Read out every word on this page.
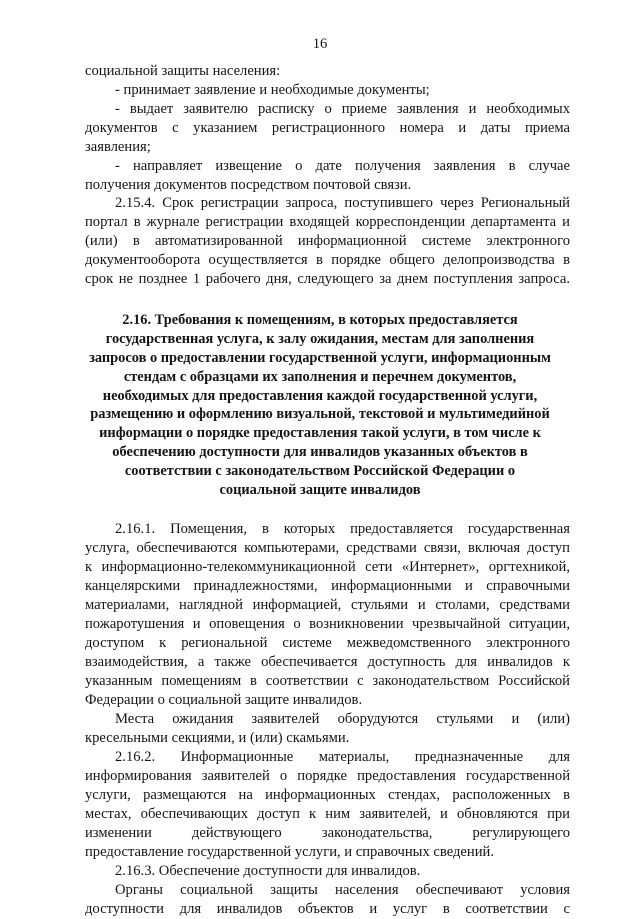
16
социальной защиты населения:
- принимает заявление и необходимые документы;
- выдает заявителю расписку о приеме заявления и необходимых
документов с указанием регистрационного номера и даты приема
заявления;
- направляет извещение о дате получения заявления в случае
получения документов посредством почтовой связи.
2.15.4. Срок регистрации запроса, поступившего через Региональный
портал в журнале регистрации входящей корреспонденции департамента и
(или) в автоматизированной информационной системе электронного
документооборота осуществляется в порядке общего делопроизводства в
срок не позднее 1 рабочего дня, следующего за днем поступления запроса.
2.16. Требования к помещениям, в которых предоставляется
государственная услуга, к залу ожидания, местам для заполнения
запросов о предоставлении государственной услуги, информационным
стендам с образцами их заполнения и перечнем документов,
необходимых для предоставления каждой государственной услуги,
размещению и оформлению визуальной, текстовой и мультимедийной
информации о порядке предоставления такой услуги, в том числе к
обеспечению доступности для инвалидов указанных объектов в
соответствии с законодательством Российской Федерации о
социальной защите инвалидов
2.16.1. Помещения, в которых предоставляется государственная
услуга, обеспечиваются компьютерами, средствами связи, включая доступ
к информационно-телекоммуникационной сети «Интернет», оргтехникой,
канцелярскими принадлежностями, информационными и справочными
материалами, наглядной информацией, стульями и столами, средствами
пожаротушения и оповещения о возникновении чрезвычайной ситуации,
доступом к региональной системе межведомственного электронного
взаимодействия, а также обеспечивается доступность для инвалидов к
указанным помещениям в соответствии с законодательством Российской
Федерации о социальной защите инвалидов.
Места ожидания заявителей оборудуются стульями и (или)
кресельными секциями, и (или) скамьями.
2.16.2. Информационные материалы, предназначенные для
информирования заявителей о порядке предоставления государственной
услуги, размещаются на информационных стендах, расположенных в
местах, обеспечивающих доступ к ним заявителей, и обновляются при
изменении действующего законодательства, регулирующего
предоставление государственной услуги, и справочных сведений.
2.16.3. Обеспечение доступности для инвалидов.
Органы социальной защиты населения обеспечивают условия
доступности для инвалидов объектов и услуг в соответствии с
